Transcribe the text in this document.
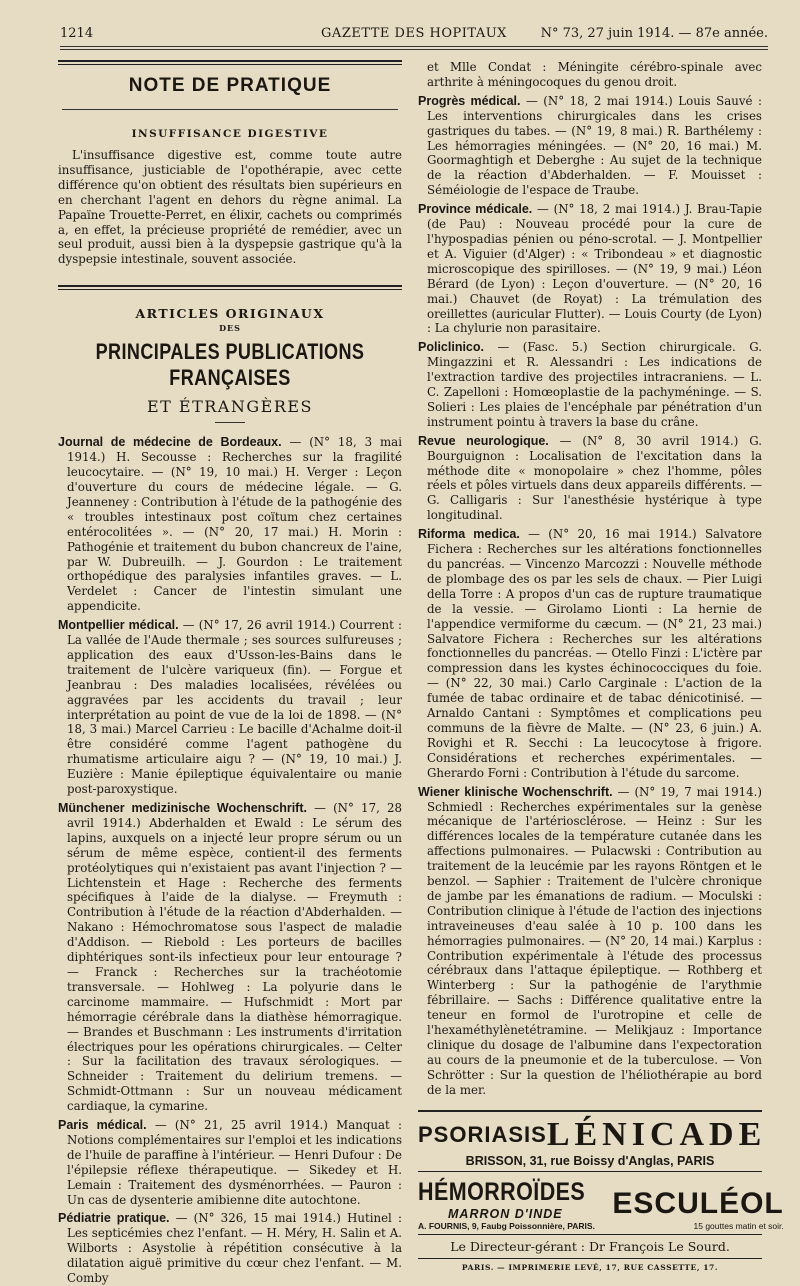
1214	GAZETTE DES HOPITAUX	N° 73, 27 juin 1914. — 87e année.
NOTE DE PRATIQUE
INSUFFISANCE DIGESTIVE

L'insuffisance digestive est, comme toute autre insuffisance, justiciable de l'opothérapie, avec cette différence qu'on obtient des résultats bien supérieurs en en cherchant l'agent en dehors du règne animal. La Papaïne Trouette-Perret, en élixir, cachets ou comprimés a, en effet, la précieuse propriété de remédier, avec un seul produit, aussi bien à la dyspepsie gastrique qu'à la dyspepsie intestinale, souvent associée.

ARTICLES ORIGINAUX
DES
PRINCIPALES PUBLICATIONS FRANÇAISES
ET ÉTRANGÈRES

Journal de médecine de Bordeaux. — (N° 18, 3 mai 1914.) H. Secousse : Recherches sur la fragilité leucocytaire. — (N° 19, 10 mai.) H. Verger : Leçon d'ouverture du cours de médecine légale. — G. Jeanneney : Contribution à l'étude de la pathogénie des « troubles intestinaux post coïtum chez certaines entérocolitées ». — (N° 20, 17 mai.) H. Morin : Pathogénie et traitement du bubon chancreux de l'aine, par W. Dubreuilh. — J. Gourdon : Le traitement orthopédique des paralysies infantiles graves. — L. Verdelet : Cancer de l'intestin simulant une appendicite.

Montpellier médical. — (N° 17, 26 avril 1914.) Courrent : La vallée de l'Aude thermale ; ses sources sulfureuses ; application des eaux d'Usson-les-Bains dans le traitement de l'ulcère variqueux (fin). — Forgue et Jeanbrau : Des maladies localisées, révélées ou aggravées par les accidents du travail ; leur interprétation au point de vue de la loi de 1898. — (N° 18, 3 mai.) Marcel Carrieu : Le bacille d'Achalme doit-il être considéré comme l'agent pathogène du rhumatisme articulaire aigu ? — (N° 19, 10 mai.) J. Euzière : Manie épileptique équivalentaire ou manie post-paroxystique.

Münchener medizinische Wochenschrift. — (N° 17, 28 avril 1914.) Abderhalden et Ewald : Le sérum des lapins, auxquels on a injecté leur propre sérum ou un sérum de même espèce, contient-il des ferments protéolytiques qui n'existaient pas avant l'injection ? — Lichtenstein et Hage : Recherche des ferments spécifiques à l'aide de la dialyse. — Freymuth : Contribution à l'étude de la réaction d'Abderhalden. — Nakano : Hémochromatose sous l'aspect de maladie d'Addison. — Riebold : Les porteurs de bacilles diphtériques sont-ils infectieux pour leur entourage ? — Franck : Recherches sur la trachéotomie transversale. — Hohlweg : La polyurie dans le carcinome mammaire. — Hufschmidt : Mort par hémorragie cérébrale dans la diathèse hémorragique. — Brandes et Buschmann : Les instruments d'irritation électriques pour les opérations chirurgicales. — Celter : Sur la facilitation des travaux sérologiques. — Schneider : Traitement du delirium tremens. — Schmidt-Ottmann : Sur un nouveau médicament cardiaque, la cymarine.

Paris médical. — (N° 21, 25 avril 1914.) Manquat : Notions complémentaires sur l'emploi et les indications de l'huile de paraffine à l'intérieur. — Henri Dufour : De l'épilepsie réflexe thérapeutique. — Sikedey et H. Lemain : Traitement des dysménorrhées. — Pauron : Un cas de dysenterie amibienne dite autochtone.

Pédiatrie pratique. — (N° 326, 15 mai 1914.) Hutinel : Les septicémies chez l'enfant. — H. Méry, H. Salin et A. Wilborts : Asystolie à répétition consécutive à la dilatation aiguë primitive du cœur chez l'enfant. — M. Comby

et Mlle Condat : Méningite cérébro-spinale avec arthrite à méningocoques du genou droit.

Progrès médical. — (N° 18, 2 mai 1914.) Louis Sauvé : Les interventions chirurgicales dans les crises gastriques du tabes. — (N° 19, 8 mai.) R. Barthélemy : Les hémorragies méningées. — (N° 20, 16 mai.) M. Goormaghtigh et Deberghe : Au sujet de la technique de la réaction d'Abderhalden. — F. Mouisset : Séméiologie de l'espace de Traube.

Province médicale. — (N° 18, 2 mai 1914.) J. Brau-Tapie (de Pau) : Nouveau procédé pour la cure de l'hypospadias pénien ou péno-scrotal. — J. Montpellier et A. Viguier (d'Alger) : « Tribondeau » et diagnostic microscopique des spirilloses. — (N° 19, 9 mai.) Léon Bérard (de Lyon) : Leçon d'ouverture. — (N° 20, 16 mai.) Chauvet (de Royat) : La trémulation des oreillettes (auricular Flutter). — Louis Courty (de Lyon) : La chylurie non parasitaire.

Policlinico. — (Fasc. 5.) Section chirurgicale. G. Mingazzini et R. Alessandri : Les indications de l'extraction tardive des projectiles intracraniens. — L. C. Zapelloni : Homœoplastie de la pachyméninge. — S. Solieri : Les plaies de l'encéphale par pénétration d'un instrument pointu à travers la base du crâne.

Revue neurologique. — (N° 8, 30 avril 1914.) G. Bourguignon : Localisation de l'excitation dans la méthode dite « monopolaire » chez l'homme, pôles réels et pôles virtuels dans deux appareils différents. — G. Calligaris : Sur l'anesthésie hystérique à type longitudinal.

Riforma medica. — (N° 20, 16 mai 1914.) Salvatore Fichera : Recherches sur les altérations fonctionnelles du pancréas. — Vincenzo Marcozzi : Nouvelle méthode de plombage des os par les sels de chaux. — Pier Luigi della Torre : A propos d'un cas de rupture traumatique de la vessie. — Girolamo Lionti : La hernie de l'appendice vermiforme du cæcum. — (N° 21, 23 mai.) Salvatore Fichera : Recherches sur les altérations fonctionnelles du pancréas. — Otello Finzi : L'ictère par compression dans les kystes échinococciques du foie. — (N° 22, 30 mai.) Carlo Carginale : L'action de la fumée de tabac ordinaire et de tabac dénicotinisé. — Arnaldo Cantani : Symptômes et complications peu communs de la fièvre de Malte. — (N° 23, 6 juin.) A. Rovighi et R. Secchi : La leucocytose à frigore. Considérations et recherches expérimentales. — Gherardo Forni : Contribution à l'étude du sarcome.

Wiener klinische Wochenschrift. — (N° 19, 7 mai 1914.) Schmiedl : Recherches expérimentales sur la genèse mécanique de l'artériosclérose. — Heinz : Sur les différences locales de la température cutanée dans les affections pulmonaires. — Pulacwski : Contribution au traitement de la leucémie par les rayons Röntgen et le benzol. — Saphier : Traitement de l'ulcère chronique de jambe par les émanations de radium. — Moculski : Contribution clinique à l'étude de l'action des injections intraveineuses d'eau salée à 10 p. 100 dans les hémorragies pulmonaires. — (N° 20, 14 mai.) Karplus : Contribution expérimentale à l'étude des processus cérébraux dans l'attaque épileptique. — Rothberg et Winterberg : Sur la pathogénie de l'arythmie fébrillaire. — Sachs : Différence qualitative entre la teneur en formol de l'urotropine et celle de l'hexaméthylènetétramine. — Melikjauz : Importance clinique du dosage de l'albumine dans l'expectoration au cours de la pneumonie et de la tuberculose. — Von Schrötter : Sur la question de l'héliothérapie au bord de la mer.

PSORIASIS LÉNICADE
BRISSON, 31, rue Boissy d'Anglas, PARIS
HÉMORROÏDES
MARRON D'INDE
A. FOURNIS, 9, Faubg Poissonnière, PARIS.
ESCULÉOL
15 gouttes matin et soir.
Le Directeur-gérant : Dr François Le Sourd.
PARIS. — IMPRIMERIE LEVÉ, 17, RUE CASSETTE, 17.
